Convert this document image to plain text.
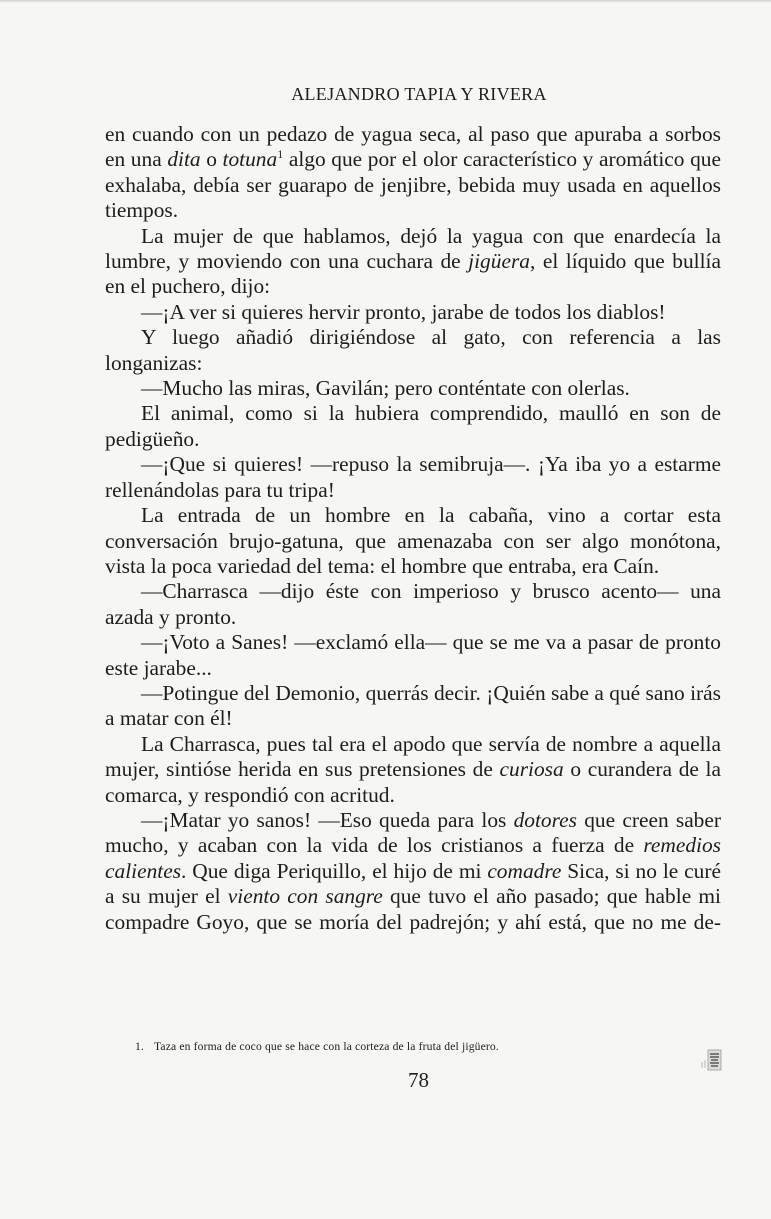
ALEJANDRO TAPIA Y RIVERA

en cuando con un pedazo de yagua seca, al paso que apuraba a sorbos en una dita o totuna$^1$ algo que por el olor característico y aromático que exhalaba, debía ser guarapo de jenjibre, bebida muy usada en aquellos tiempos.

La mujer de que hablamos, dejó la yagua con que enardecía la lumbre, y moviendo con una cuchara de jigüera, el líquido que bullía en el puchero, dijo:

—¡A ver si quieres hervir pronto, jarabe de todos los diablos!

Y luego añadió dirigiéndose al gato, con referencia a las longanizas:

—Mucho las miras, Gavilán; pero conténtate con olerlas.

El animal, como si la hubiera comprendido, maulló en son de pedigüeño.

—¡Que si quieres! —repuso la semibruja—. ¡Ya iba yo a estarme rellenándolas para tu tripa!

La entrada de un hombre en la cabaña, vino a cortar esta conversación brujo-gatuna, que amenazaba con ser algo monótona, vista la poca variedad del tema: el hombre que entraba, era Caín.

—Charrasca —dijo éste con imperioso y brusco acento— una azada y pronto.

—¡Voto a Sanes! —exclamó ella— que se me va a pasar de pronto este jarabe...

—Potingue del Demonio, querrás decir. ¡Quién sabe a qué sano irás a matar con él!

La Charrasca, pues tal era el apodo que servía de nombre a aquella mujer, sintióse herida en sus pretensiones de curiosa o curandera de la comarca, y respondió con acritud.

—¡Matar yo sanos! —Eso queda para los dotores que creen saber mucho, y acaban con la vida de los cristianos a fuerza de remedios calientes. Que diga Periquillo, el hijo de mi comadre Sica, si no le curé a su mujer el viento con sangre que tuvo el año pasado; que hable mi compadre Goyo, que se moría del padrejón; y ahí está, que no me de-

1. Taza en forma de coco que se hace con la corteza de la fruta del jigüero.
78
